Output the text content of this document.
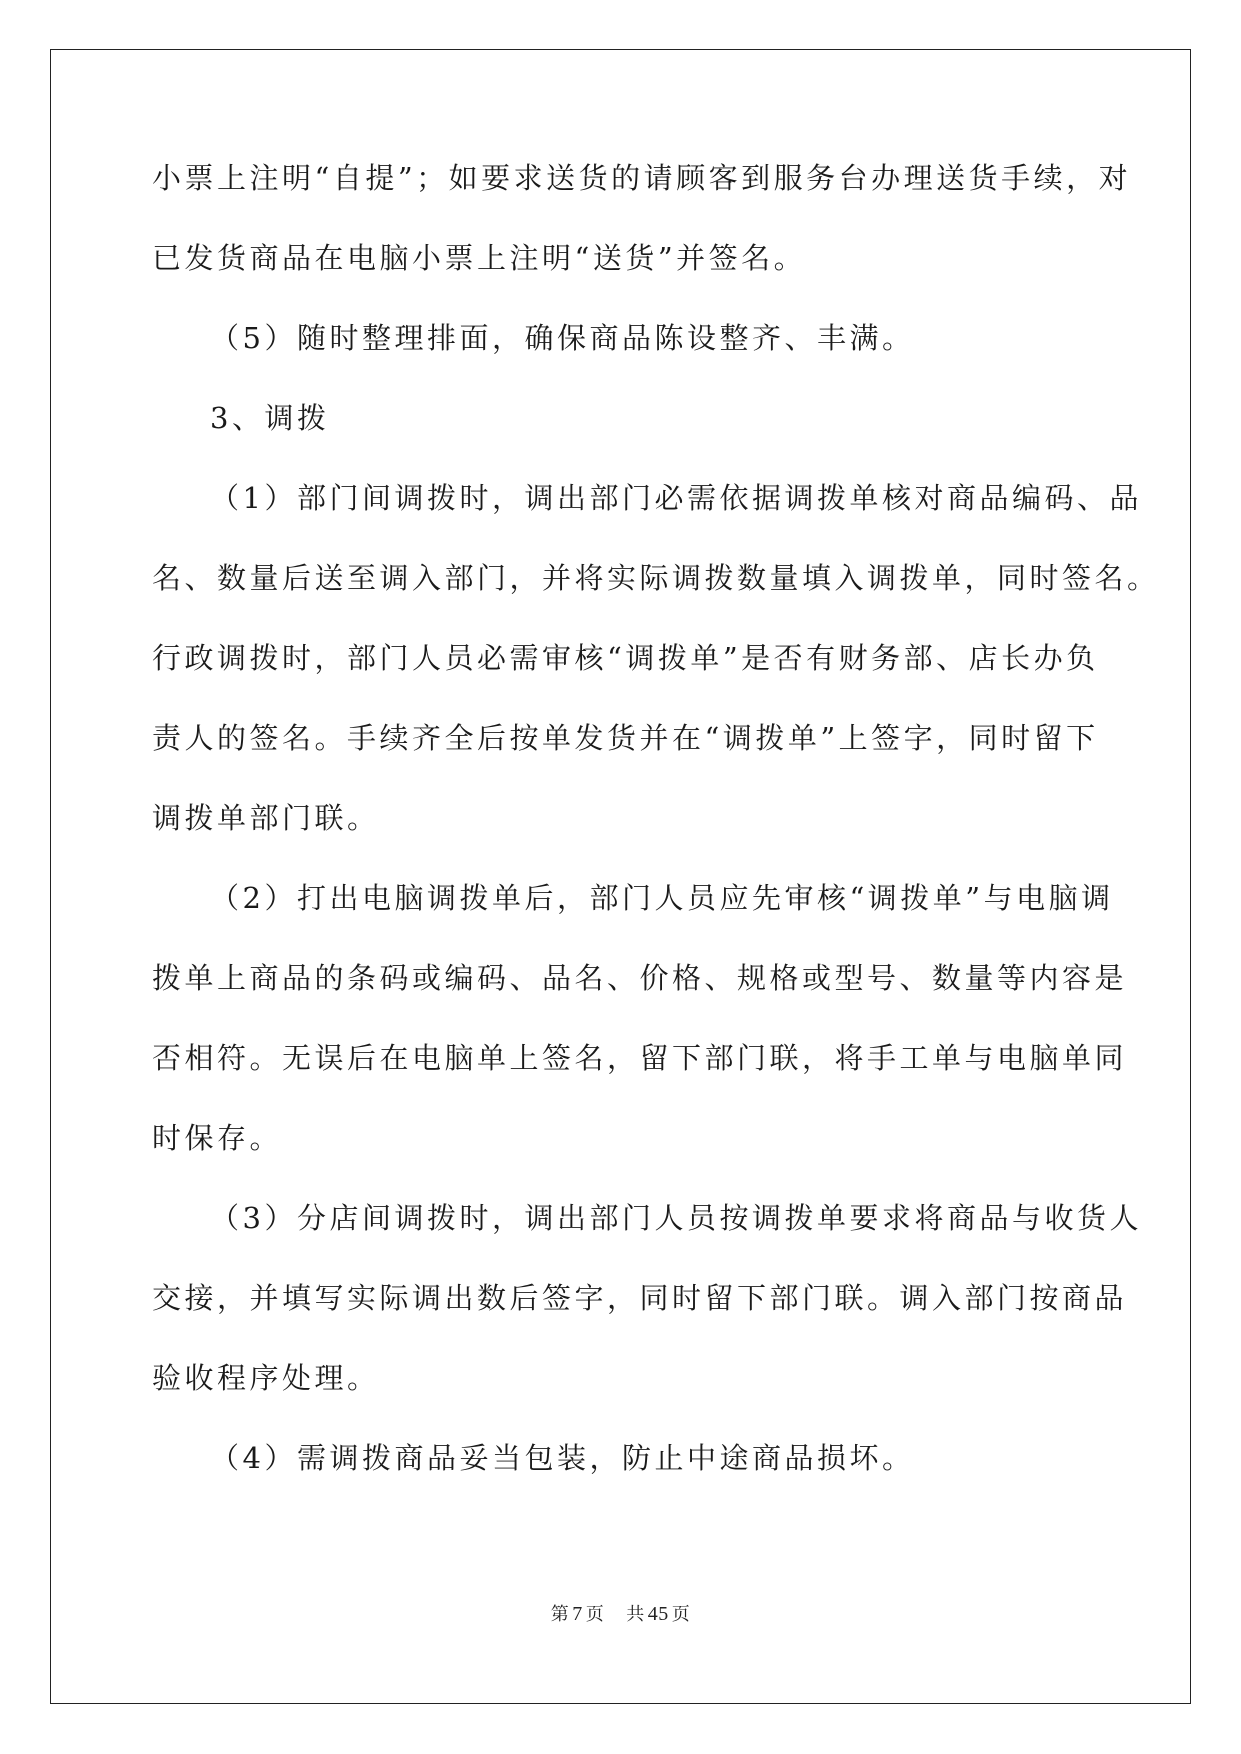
小票上注明“自提”；如要求送货的请顾客到服务台办理送货手续，对
已发货商品在电脑小票上注明“送货”并签名。
（5）随时整理排面，确保商品陈设整齐、丰满。
3、调拨
（1）部门间调拨时，调出部门必需依据调拨单核对商品编码、品
名、数量后送至调入部门，并将实际调拨数量填入调拨单，同时签名。
行政调拨时，部门人员必需审核“调拨单”是否有财务部、店长办负
责人的签名。手续齐全后按单发货并在“调拨单”上签字，同时留下
调拨单部门联。
（2）打出电脑调拨单后，部门人员应先审核“调拨单”与电脑调
拨单上商品的条码或编码、品名、价格、规格或型号、数量等内容是
否相符。无误后在电脑单上签名，留下部门联，将手工单与电脑单同
时保存。
（3）分店间调拨时，调出部门人员按调拨单要求将商品与收货人
交接，并填写实际调出数后签字，同时留下部门联。调入部门按商品
验收程序处理。
（4）需调拨商品妥当包装，防止中途商品损坏。
第 7 页 共 45 页
